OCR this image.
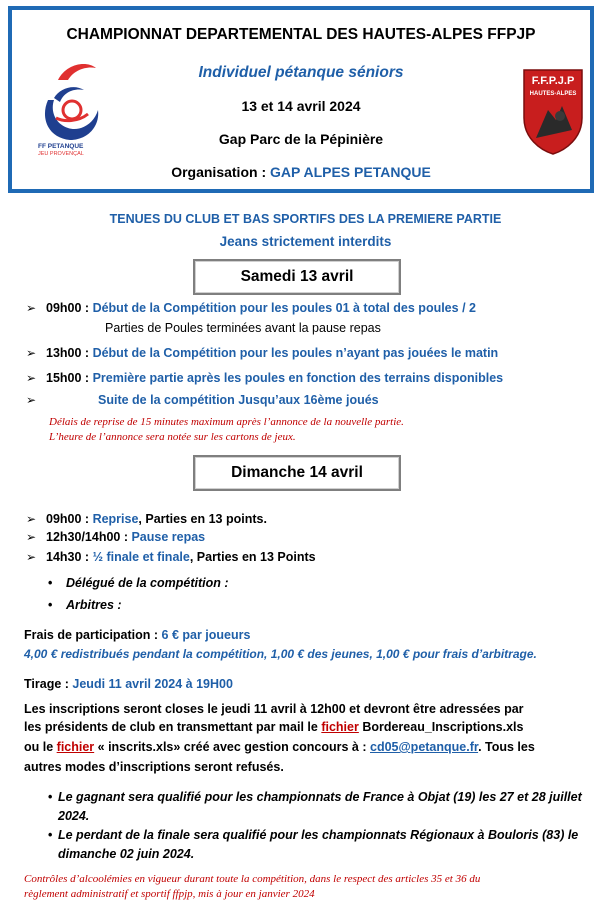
CHAMPIONNAT DEPARTEMENTAL DES HAUTES-ALPES FFPJP
Individuel pétanque séniors
13 et 14 avril 2024
Gap Parc de la Pépinière
Organisation : GAP ALPES PETANQUE
FF PETANQUE
JEU PROVENÇAL
F.F.P.J.P
HAUTES-ALPES
TENUES DU CLUB ET BAS SPORTIFS DES LA PREMIERE PARTIE
Jeans strictement interdits
Samedi 13 avril
➢ 09h00 : Début de la Compétition pour les poules 01 à total des poules / 2
Parties de Poules terminées avant la pause repas
➢ 13h00 : Début de la Compétition pour les poules n’ayant pas jouées le matin
➢ 15h00 : Première partie après les poules en fonction des terrains disponibles
➢	Suite de la compétition Jusqu’aux 16ème joués
Délais de reprise de 15 minutes maximum après l’annonce de la nouvelle partie.
L’heure de l’annonce sera notée sur les cartons de jeux.
Dimanche 14 avril
➢ 09h00 : Reprise, Parties en 13 points.
➢ 12h30/14h00 : Pause repas
➢ 14h30 : ½ finale et finale, Parties en 13 Points
• Délégué de la compétition :
• Arbitres :
Frais de participation : 6 € par joueurs
4,00 € redistribués pendant la compétition, 1,00 € des jeunes, 1,00 € pour frais d’arbitrage.
Tirage : Jeudi 11 avril 2024 à 19H00
Les inscriptions seront closes le jeudi 11 avril à 12h00 et devront être adressées par
les présidents de club en transmettant par mail le fichier Bordereau_Inscriptions.xls
ou le fichier « inscrits.xls» créé avec gestion concours à : cd05@petanque.fr. Tous les
autres modes d’inscriptions seront refusés.
• Le gagnant sera qualifié pour les championnats de France à Objat (19) les 27 et 28 juillet 2024.
• Le perdant de la finale sera qualifié pour les championnats Régionaux à Bouloris (83) le dimanche 02 juin 2024.
Contrôles d’alcoolémies en vigueur durant toute la compétition, dans le respect des articles 35 et 36 du
règlement administratif et sportif ffpjp, mis à jour en janvier 2024
